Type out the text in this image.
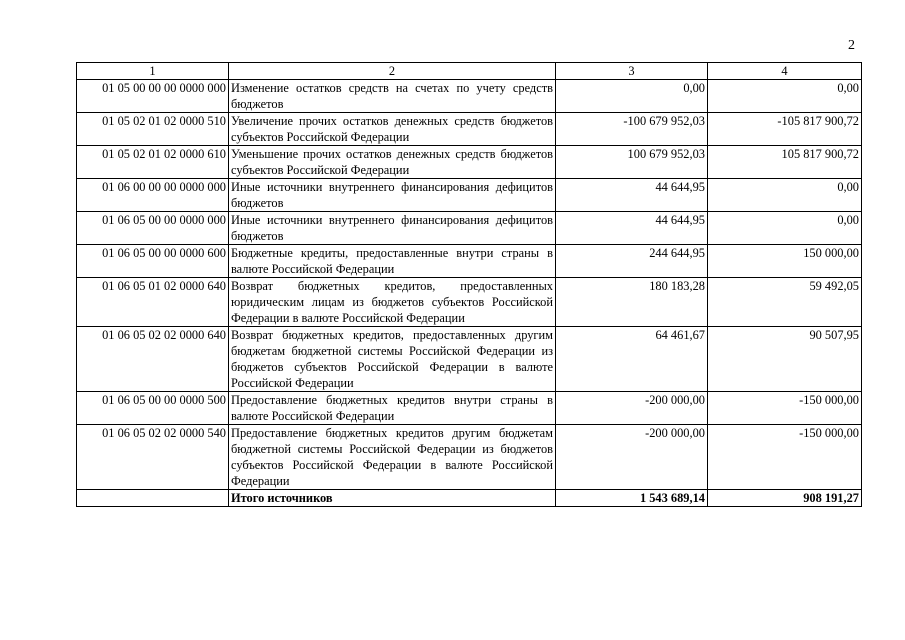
2
1	2	3	4
01 05 00 00 00 0000 000	Изменение остатков средств на счетах по учету средств бюджетов	0,00	0,00
01 05 02 01 02 0000 510	Увеличение прочих остатков денежных средств бюджетов субъектов Российской Федерации	-100 679 952,03	-105 817 900,72
01 05 02 01 02 0000 610	Уменьшение прочих остатков денежных средств бюджетов субъектов Российской Федерации	100 679 952,03	105 817 900,72
01 06 00 00 00 0000 000	Иные источники внутреннего финансирования дефицитов бюджетов	44 644,95	0,00
01 06 05 00 00 0000 000	Иные источники внутреннего финансирования дефицитов бюджетов	44 644,95	0,00
01 06 05 00 00 0000 600	Бюджетные кредиты, предоставленные внутри страны в валюте Российской Федерации	244 644,95	150 000,00
01 06 05 01 02 0000 640	Возврат бюджетных кредитов, предоставленных юридическим лицам из бюджетов субъектов Российской Федерации в валюте Российской Федерации	180 183,28	59 492,05
01 06 05 02 02 0000 640	Возврат бюджетных кредитов, предоставленных другим бюджетам бюджетной системы Российской Федерации из бюджетов субъектов Российской Федерации в валюте Российской Федерации	64 461,67	90 507,95
01 06 05 00 00 0000 500	Предоставление бюджетных кредитов внутри страны в валюте Российской Федерации	-200 000,00	-150 000,00
01 06 05 02 02 0000 540	Предоставление бюджетных кредитов другим бюджетам бюджетной системы Российской Федерации из бюджетов субъектов Российской Федерации в валюте Российской Федерации	-200 000,00	-150 000,00
	Итого источников	1 543 689,14	908 191,27
